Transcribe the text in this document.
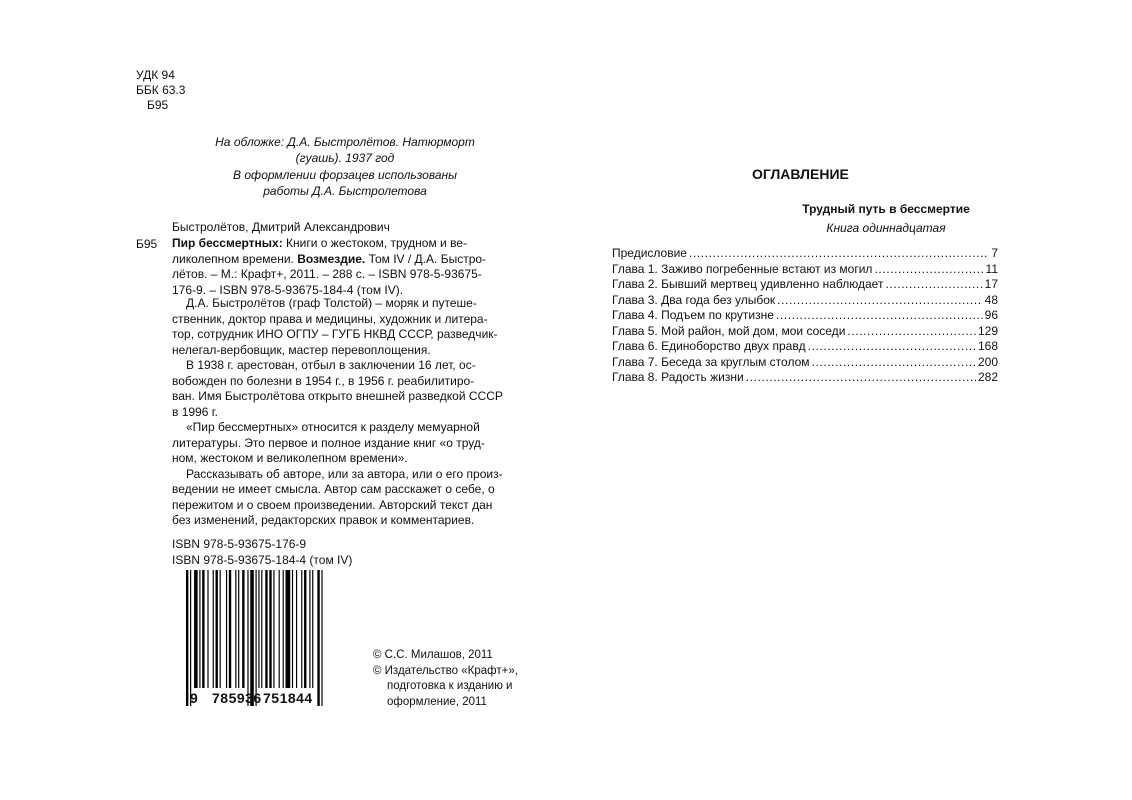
УДК 94
ББК 63.3
Б95

На обложке: Д.А. Быстролётов. Натюрморт

(гуашь). 1937 год

В оформлении форзацев использованы

работы Д.А. Быстролетова

Быстролётов, Дмитрий Александрович
Б95 Пир бессмертных: Книги о жестоком, трудном и ве-
ликолепном времени. Возмездие. Том IV / Д.А. Быстро-
лётов. – М.: Крафт+, 2011. – 288 с. – ISBN 978-5-93675-
176-9. – ISBN 978-5-93675-184-4 (том IV).
Д.А. Быстролётов (граф Толстой) – моряк и путеше-
ственник, доктор права и медицины, художник и литера-
тор, сотрудник ИНО ОГПУ – ГУГБ НКВД СССР, разведчик-
нелегал-вербовщик, мастер перевоплощения.
В 1938 г. арестован, отбыл в заключении 16 лет, ос-
вобожден по болезни в 1954 г., в 1956 г. реабилитиро-
ван. Имя Быстролётова открыто внешней разведкой СССР
в 1996 г.
«Пир бессмертных» относится к разделу мемуарной
литературы. Это первое и полное издание книг «о труд-
ном, жестоком и великолепном времени».
Рассказывать об авторе, или за автора, или о его произ-
ведении не имеет смысла. Автор сам расскажет о себе, о
пережитом и о своем произведении. Авторский текст дан
без изменений, редакторских правок и комментариев.
ISBN 978-5-93675-176-9
ISBN 978-5-93675-184-4 (том IV)
9 785936 751844
© С.С. Милашов, 2011
© Издательство «Крафт+»,
подготовка к изданию и
оформление, 2011
ОГЛАВЛЕНИЕ
Трудный путь в бессмертие
Книга одиннадцатая
Предисловие .....	7
Глава 1. Заживо погребенные встают из могил .....	11
Глава 2. Бывший мертвец удивленно наблюдает .....	17
Глава 3. Два года без улыбок .....	48
Глава 4. Подъем по крутизне .....	96
Глава 5. Мой район, мой дом, мои соседи .....	129
Глава 6. Единоборство двух правд .....	168
Глава 7. Беседа за круглым столом .....	200
Глава 8. Радость жизни .....	282
